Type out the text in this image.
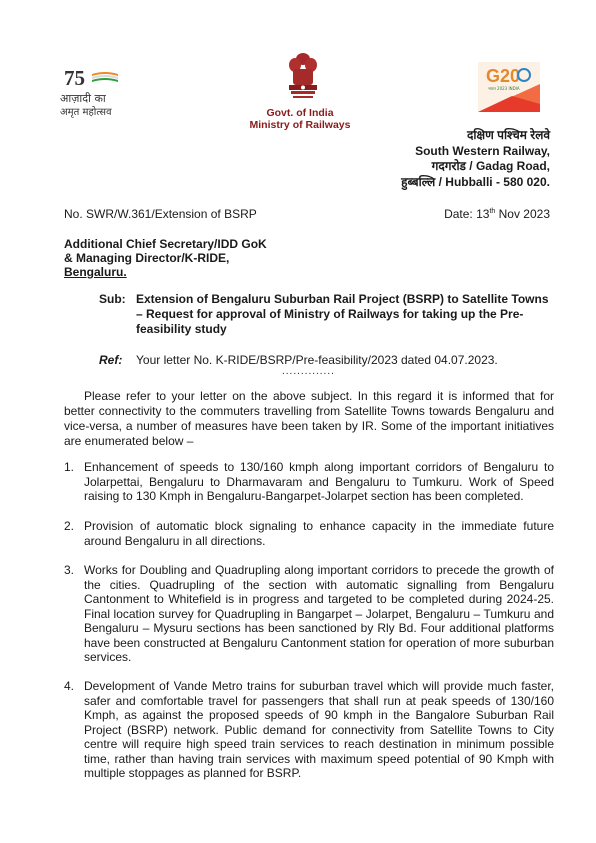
75
आज़ादी का
अमृत महोत्सव	Govt. of India
Ministry of Railways
G20
भारत 2023 INDIA
दक्षिण पश्चिम रेलवे
South Western Railway,
गदगरोड / Gadag Road,
हुब्बल्लि / Hubballi - 580 020.
No. SWR/W.361/Extension of BSRP	Date: 13th Nov 2023
Additional Chief Secretary/IDD GoK
& Managing Director/K-RIDE,
Bengaluru.
Sub: Extension of Bengaluru Suburban Rail Project (BSRP) to Satellite Towns – Request for approval of Ministry of Railways for taking up the Pre-feasibility study
Ref: Your letter No. K-RIDE/BSRP/Pre-feasibility/2023 dated 04.07.2023.
..............
Please refer to your letter on the above subject. In this regard it is informed that for better connectivity to the commuters travelling from Satellite Towns towards Bengaluru and vice-versa, a number of measures have been taken by IR. Some of the important initiatives are enumerated below –
1. Enhancement of speeds to 130/160 kmph along important corridors of Bengaluru to Jolarpettai, Bengaluru to Dharmavaram and Bengaluru to Tumkuru. Work of Speed raising to 130 Kmph in Bengaluru-Bangarpet-Jolarpet section has been completed.
2. Provision of automatic block signaling to enhance capacity in the immediate future around Bengaluru in all directions.
3. Works for Doubling and Quadrupling along important corridors to precede the growth of the cities. Quadrupling of the section with automatic signalling from Bengaluru Cantonment to Whitefield is in progress and targeted to be completed during 2024-25. Final location survey for Quadrupling in Bangarpet – Jolarpet, Bengaluru – Tumkuru and Bengaluru – Mysuru sections has been sanctioned by Rly Bd. Four additional platforms have been constructed at Bengaluru Cantonment station for operation of more suburban services.
4. Development of Vande Metro trains for suburban travel which will provide much faster, safer and comfortable travel for passengers that shall run at peak speeds of 130/160 Kmph, as against the proposed speeds of 90 kmph in the Bangalore Suburban Rail Project (BSRP) network. Public demand for connectivity from Satellite Towns to City centre will require high speed train services to reach destination in minimum possible time, rather than having train services with maximum speed potential of 90 Kmph with multiple stoppages as planned for BSRP.
